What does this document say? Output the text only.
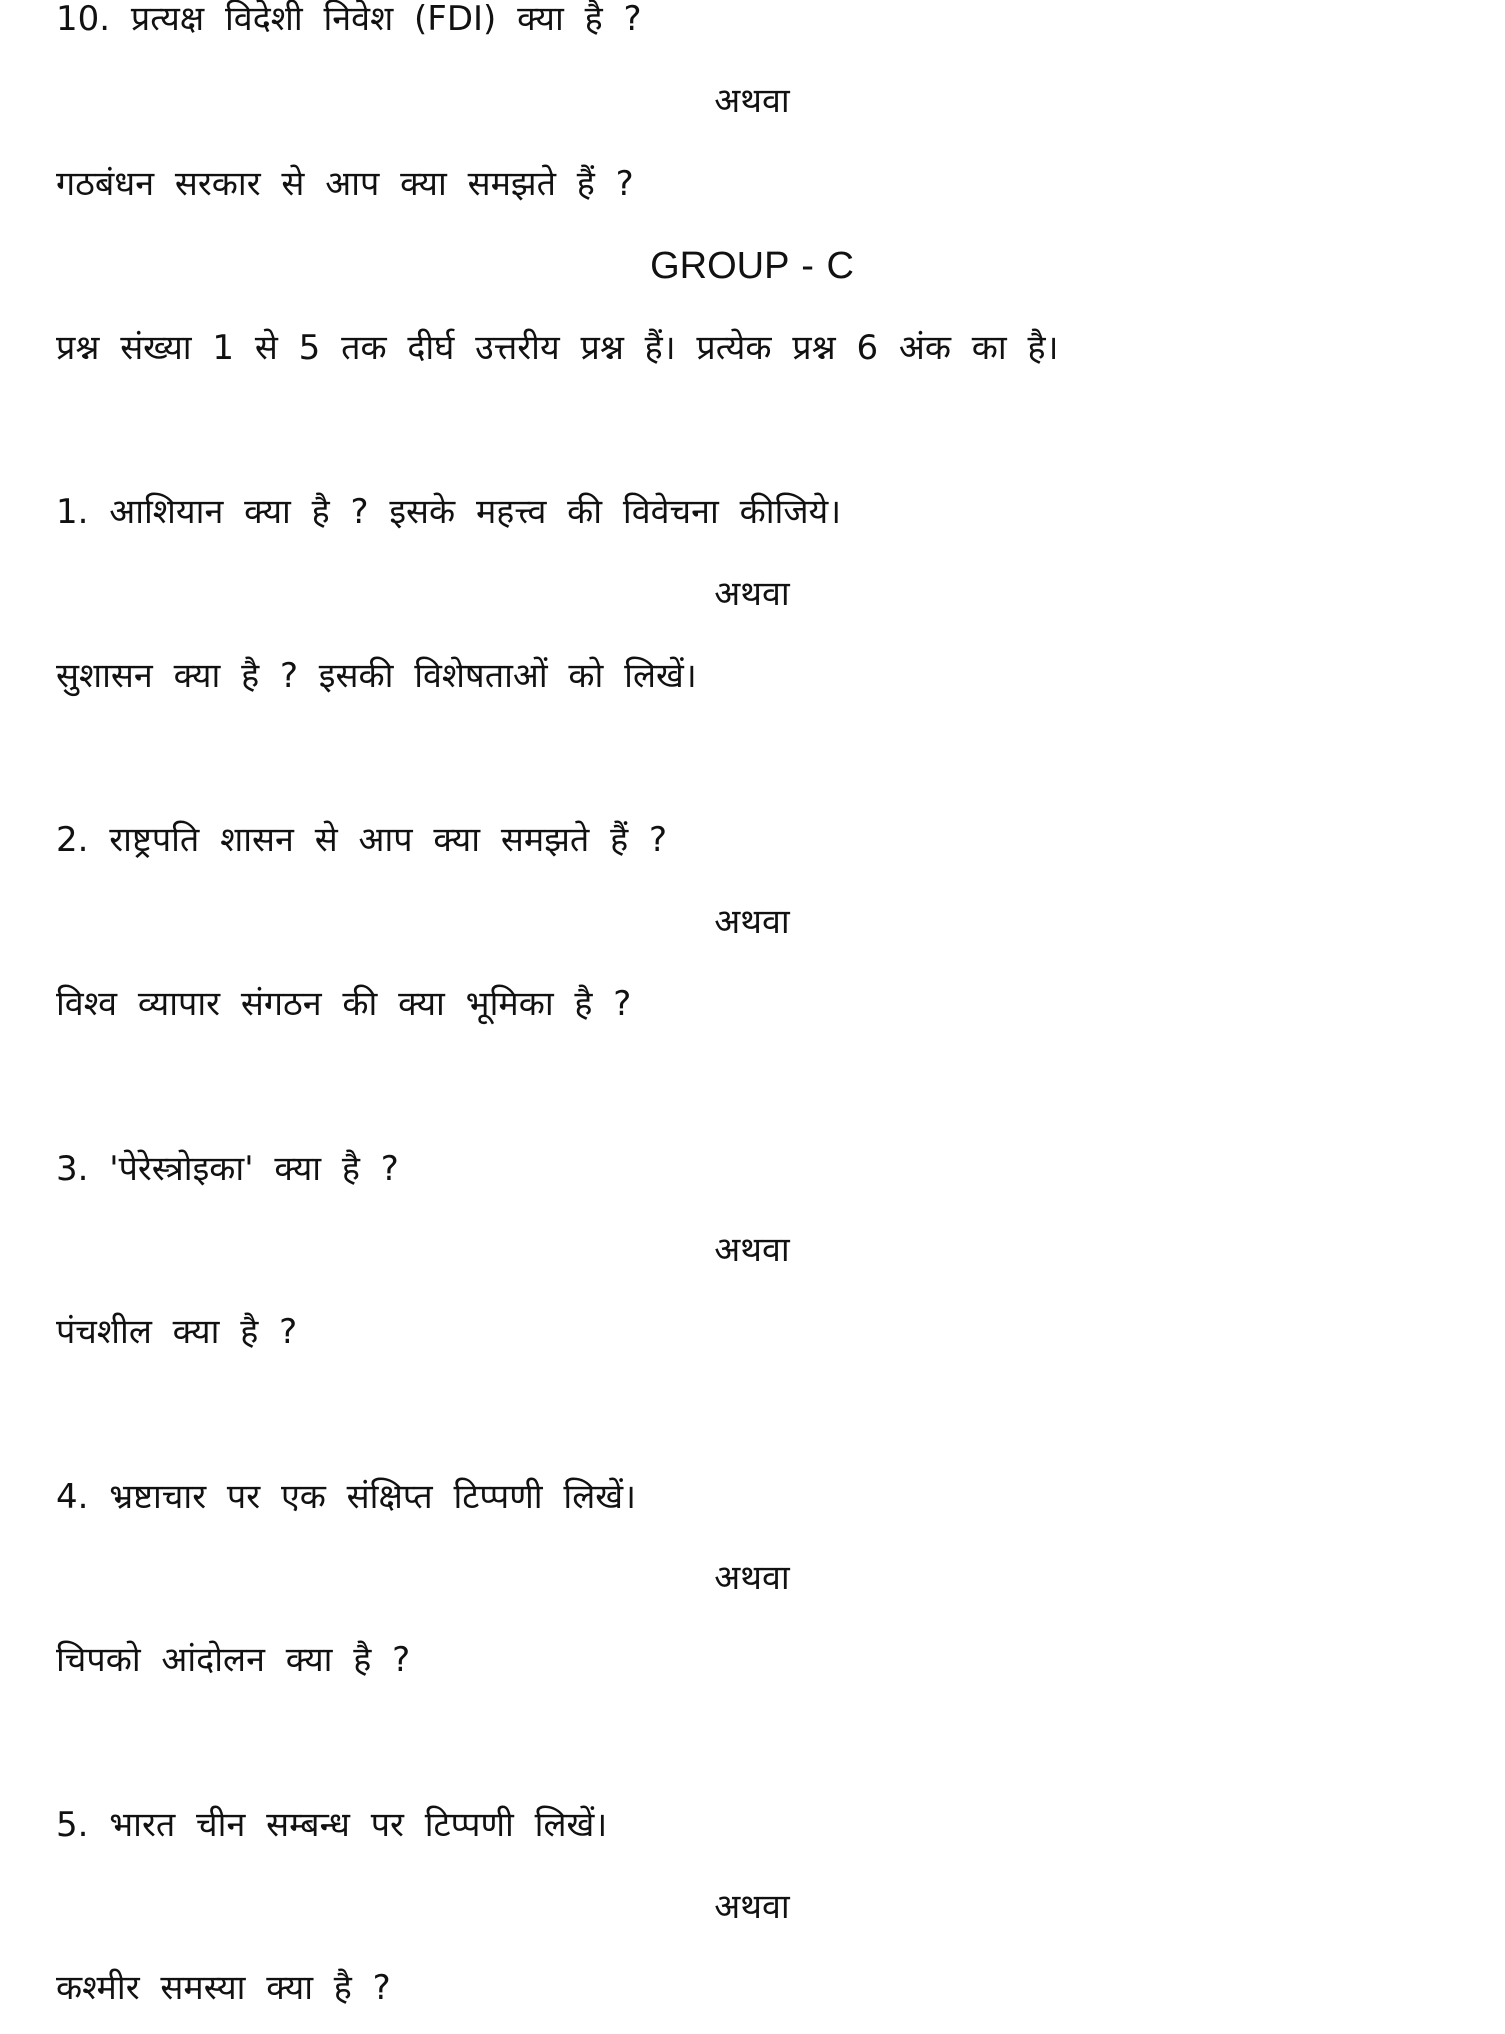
10. प्रत्यक्ष विदेशी निवेश (FDI) क्या है ?
अथवा
गठबंधन सरकार से आप क्या समझते हैं ?
GROUP - C
प्रश्न संख्या 1 से 5 तक दीर्घ उत्तरीय प्रश्न हैं। प्रत्येक प्रश्न 6 अंक का है।
1. आशियान क्या है ? इसके महत्त्व की विवेचना कीजिये।
अथवा
सुशासन क्या है ? इसकी विशेषताओं को लिखें।
2. राष्ट्रपति शासन से आप क्या समझते हैं ?
अथवा
विश्व व्यापार संगठन की क्या भूमिका है ?
3. 'पेरेस्त्रोइका' क्या है ?
अथवा
पंचशील क्या है ?
4. भ्रष्टाचार पर एक संक्षिप्त टिप्पणी लिखें।
अथवा
चिपको आंदोलन क्या है ?
5. भारत चीन सम्बन्ध पर टिप्पणी लिखें।
अथवा
कश्मीर समस्या क्या है ?
